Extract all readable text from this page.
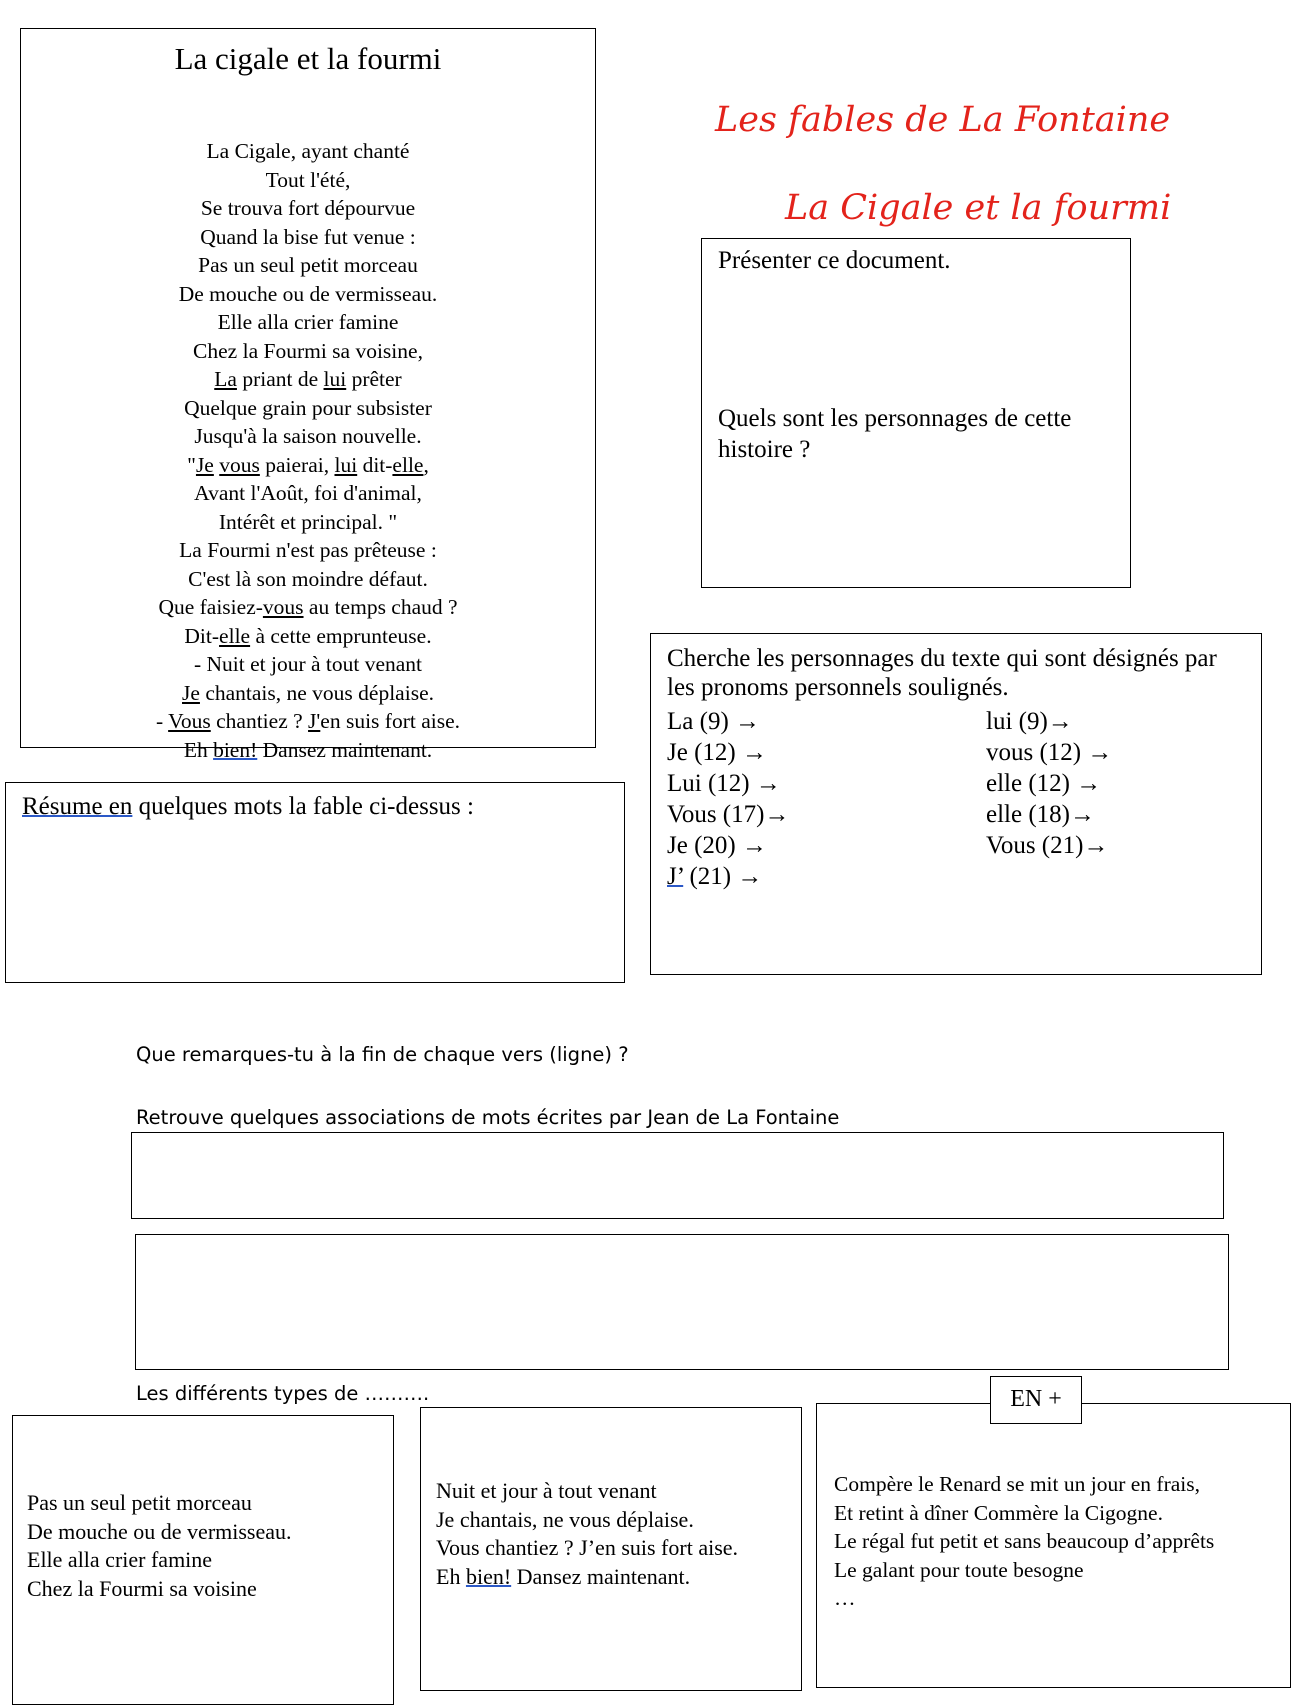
La cigale et la fourmi
La Cigale, ayant chanté
Tout l'été,
Se trouva fort dépourvue
Quand la bise fut venue :
Pas un seul petit morceau
De mouche ou de vermisseau.
Elle alla crier famine
Chez la Fourmi sa voisine,
La priant de lui prêter
Quelque grain pour subsister
Jusqu'à la saison nouvelle.
"Je vous paierai, lui dit-elle,
Avant l'Août, foi d'animal,
Intérêt et principal. "
La Fourmi n'est pas prêteuse :
C'est là son moindre défaut.
Que faisiez-vous au temps chaud ?
Dit-elle à cette emprunteuse.
- Nuit et jour à tout venant
Je chantais, ne vous déplaise.
- Vous chantiez ? J'en suis fort aise.
Eh bien! Dansez maintenant.
Les fables de La Fontaine
La Cigale et la fourmi
Présenter ce document.
Quels sont les personnages de cette histoire ?
Cherche les personnages du texte qui sont désignés par les pronoms personnels soulignés.
La (9) →
Je (12) →
Lui (12) →
Vous (17)→
Je (20) →
J’ (21) →
lui (9)→
vous (12) →
elle (12) →
elle (18)→
Vous (21)→
Résume en quelques mots la fable ci-dessus :
Que remarques-tu à la fin de chaque vers (ligne) ?
Retrouve quelques associations de mots écrites par Jean de La Fontaine
Les différents types de ……….
Pas un seul petit morceau
De mouche ou de vermisseau.
Elle alla crier famine
Chez la Fourmi sa voisine
Nuit et jour à tout venant
Je chantais, ne vous déplaise.
Vous chantiez ? J’en suis fort aise.
Eh bien! Dansez maintenant.
Compère le Renard se mit un jour en frais,
Et retint à dîner Commère la Cigogne.
Le régal fut petit et sans beaucoup d’apprêts
Le galant pour toute besogne
…
EN +
